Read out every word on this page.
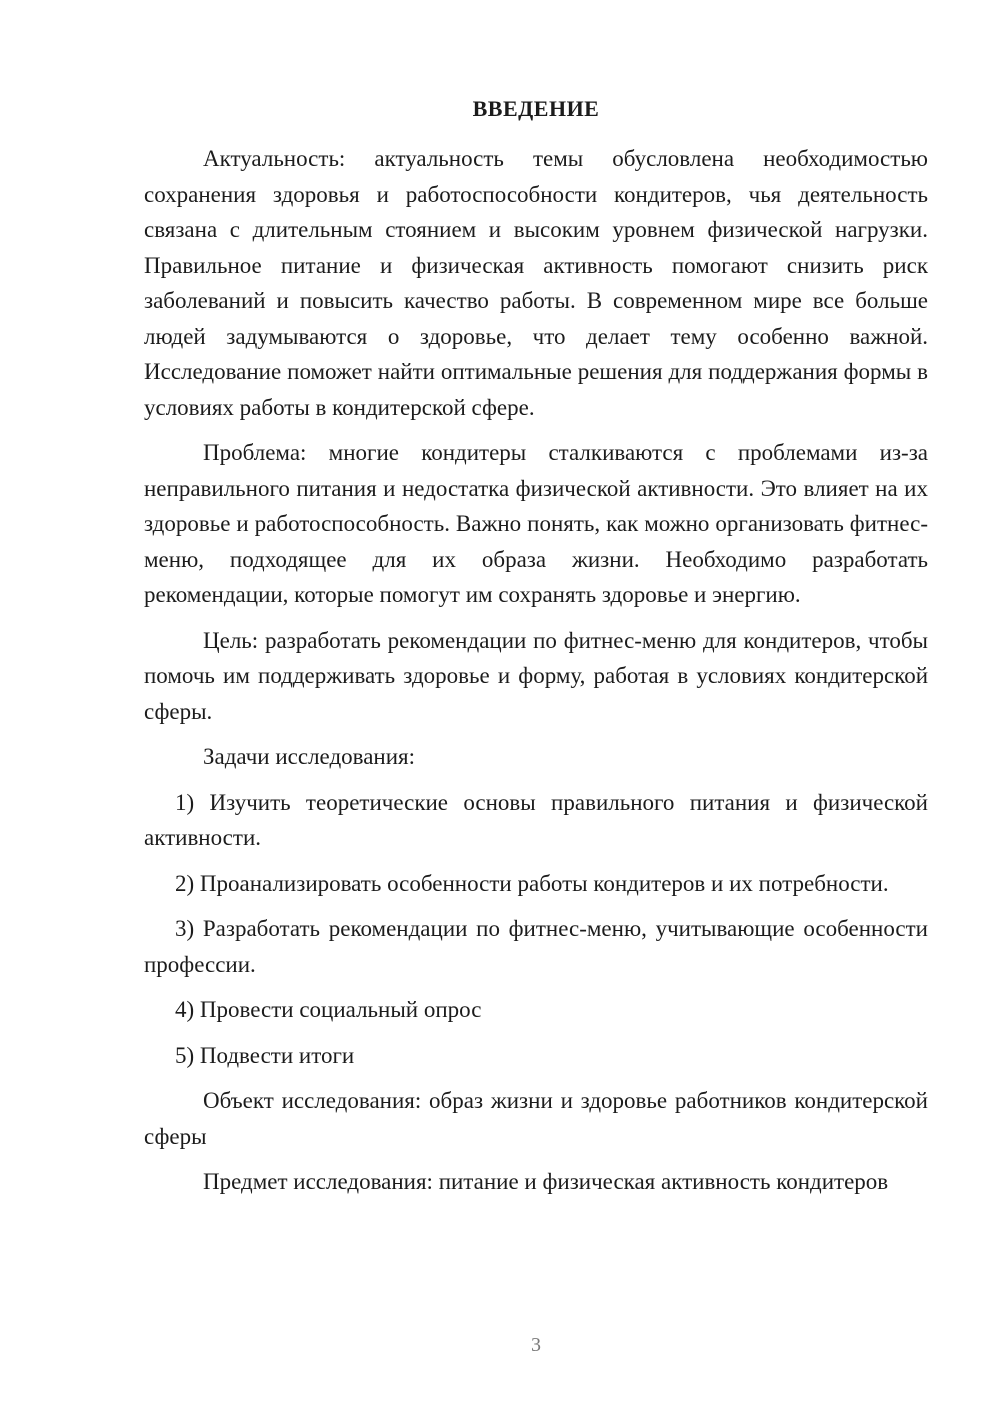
ВВЕДЕНИЕ

Актуальность: актуальность темы обусловлена необходимостью сохранения здоровья и работоспособности кондитеров, чья деятельность связана с длительным стоянием и высоким уровнем физической нагрузки. Правильное питание и физическая активность помогают снизить риск заболеваний и повысить качество работы. В современном мире все больше людей задумываются о здоровье, что делает тему особенно важной. Исследование поможет найти оптимальные решения для поддержания формы в условиях работы в кондитерской сфере.

Проблема: многие кондитеры сталкиваются с проблемами из-за неправильного питания и недостатка физической активности. Это влияет на их здоровье и работоспособность. Важно понять, как можно организовать фитнес-меню, подходящее для их образа жизни. Необходимо разработать рекомендации, которые помогут им сохранять здоровье и энергию.

Цель: разработать рекомендации по фитнес-меню для кондитеров, чтобы помочь им поддерживать здоровье и форму, работая в условиях кондитерской сферы.

Задачи исследования:

1) Изучить теоретические основы правильного питания и физической активности.

2) Проанализировать особенности работы кондитеров и их потребности.

3) Разработать рекомендации по фитнес-меню, учитывающие особенности профессии.

4) Провести социальный опрос

5) Подвести итоги

Объект исследования: образ жизни и здоровье работников кондитерской сферы

Предмет исследования: питание и физическая активность кондитеров

3
